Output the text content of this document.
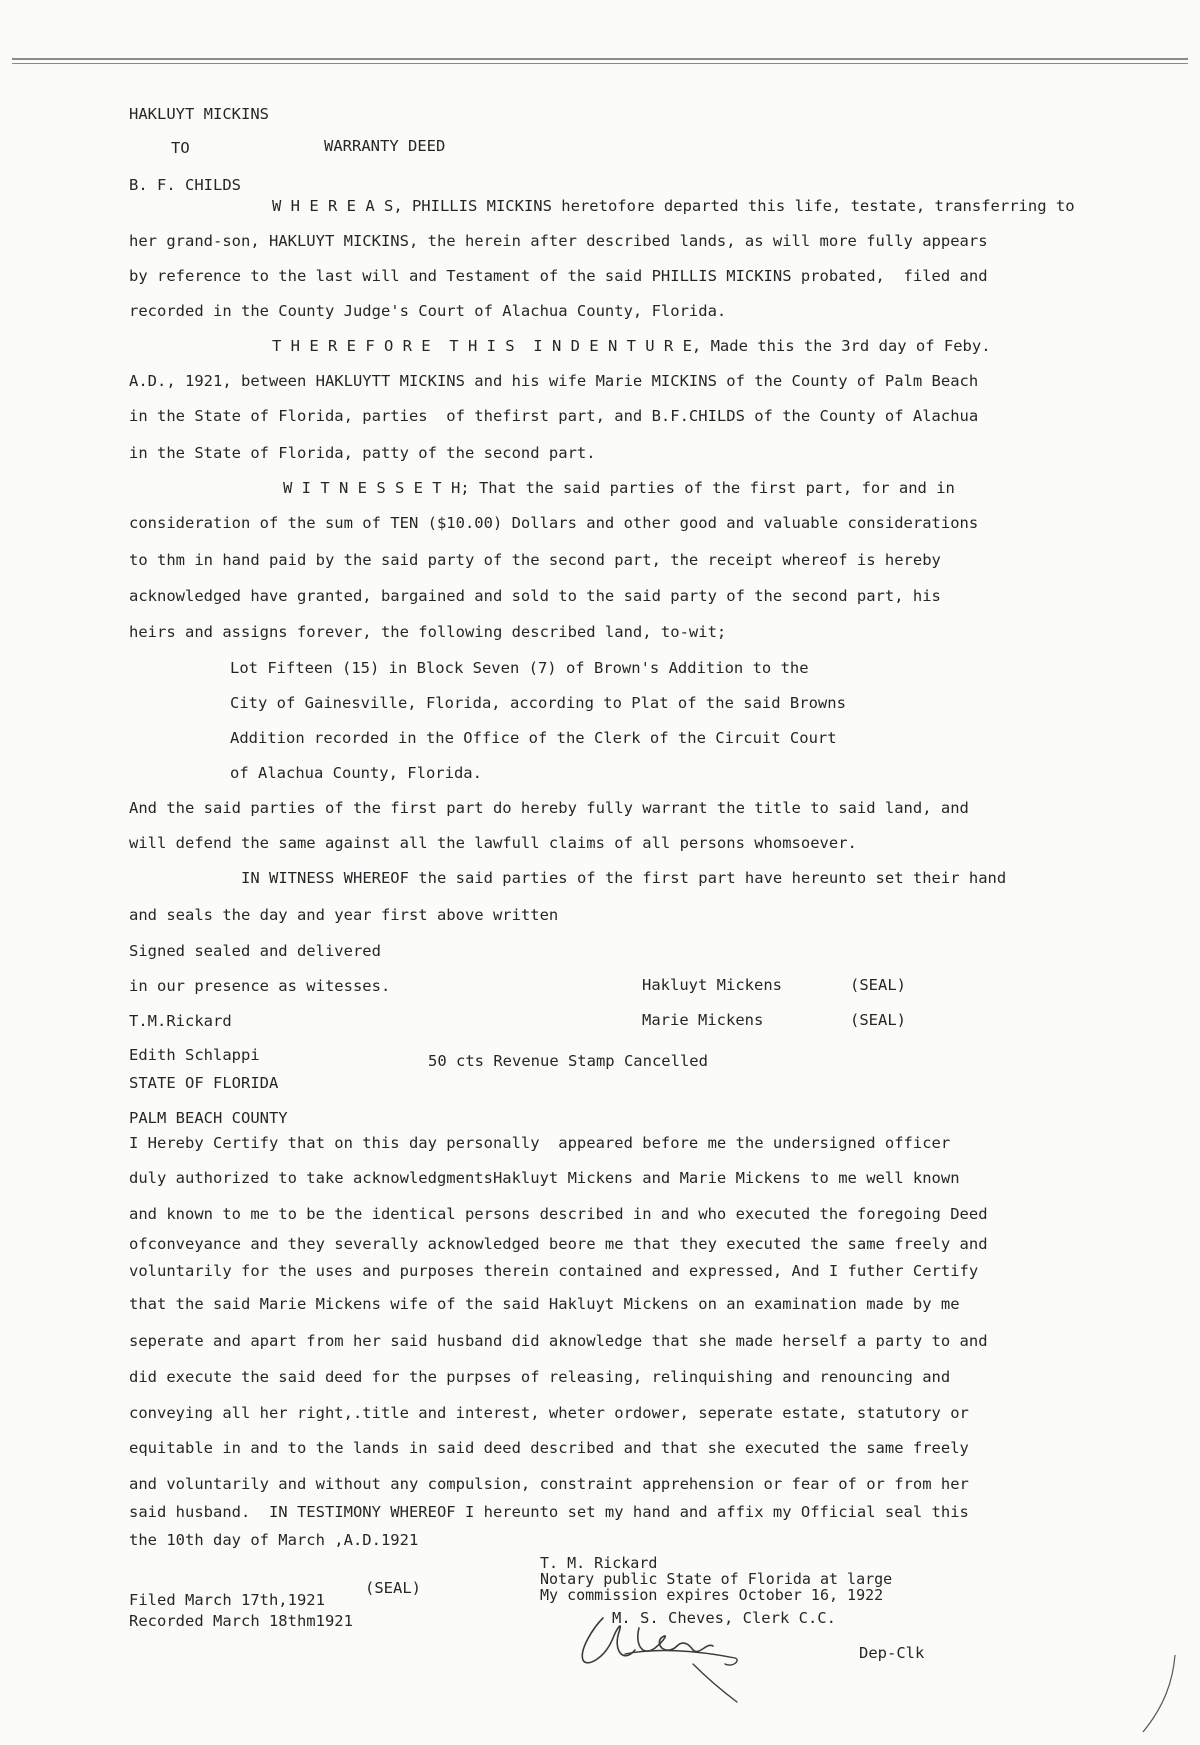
HAKLUYT MICKINS
TO	WARRANTY DEED
B. F. CHILDS
W H E R E A S, PHILLIS MICKINS heretofore departed this life, testate, transferring to
her grand-son, HAKLUYT MICKINS, the herein after described lands, as will more fully appears
by reference to the last will and Testament of the said PHILLIS MICKINS probated,  filed and
recorded in the County Judge's Court of Alachua County, Florida.
T H E R E F O R E  T H I S  I N D E N T U R E, Made this the 3rd day of Feby.
A.D., 1921, between HAKLUYTT MICKINS and his wife Marie MICKINS of the County of Palm Beach
in the State of Florida, parties  of thefirst part, and B.F.CHILDS of the County of Alachua
in the State of Florida, patty of the second part.
W I T N E S S E T H; That the said parties of the first part, for and in
consideration of the sum of TEN ($10.00) Dollars and other good and valuable considerations
to thm in hand paid by the said party of the second part, the receipt whereof is hereby
acknowledged have granted, bargained and sold to the said party of the second part, his
heirs and assigns forever, the following described land, to-wit;
Lot Fifteen (15) in Block Seven (7) of Brown's Addition to the
City of Gainesville, Florida, according to Plat of the said Browns
Addition recorded in the Office of the Clerk of the Circuit Court
of Alachua County, Florida.
And the said parties of the first part do hereby fully warrant the title to said land, and
will defend the same against all the lawfull claims of all persons whomsoever.
IN WITNESS WHEREOF the said parties of the first part have hereunto set their hand
and seals the day and year first above written
Signed sealed and delivered
in our presence as witesses.	Hakluyt Mickens	(SEAL)
T.M.Rickard	Marie Mickens	(SEAL)
Edith Schlappi	50 cts Revenue Stamp Cancelled
STATE OF FLORIDA
PALM BEACH COUNTY
I Hereby Certify that on this day personally  appeared before me the undersigned officer
duly authorized to take acknowledgmentsHakluyt Mickens and Marie Mickens to me well known
and known to me to be the identical persons described in and who executed the foregoing Deed
ofconveyance and they severally acknowledged beore me that they executed the same freely and
voluntarily for the uses and purposes therein contained and expressed, And I futher Certify
that the said Marie Mickens wife of the said Hakluyt Mickens on an examination made by me
seperate and apart from her said husband did aknowledge that she made herself a party to and
did execute the said deed for the purpses of releasing, relinquishing and renouncing and
conveying all her right,.title and interest, wheter ordower, seperate estate, statutory or
equitable in and to the lands in said deed described and that she executed the same freely
and voluntarily and without any compulsion, constraint apprehension or fear of or from her
said husband.  IN TESTIMONY WHEREOF I hereunto set my hand and affix my Official seal this
the 10th day of March ,A.D.1921
T. M. Rickard
Notary public State of Florida at large
My commission expires October 16, 1922
(SEAL)
Filed March 17th,1921
Recorded March 18thm1921	M. S. Cheves, Clerk C.C.
Dep-Clk
